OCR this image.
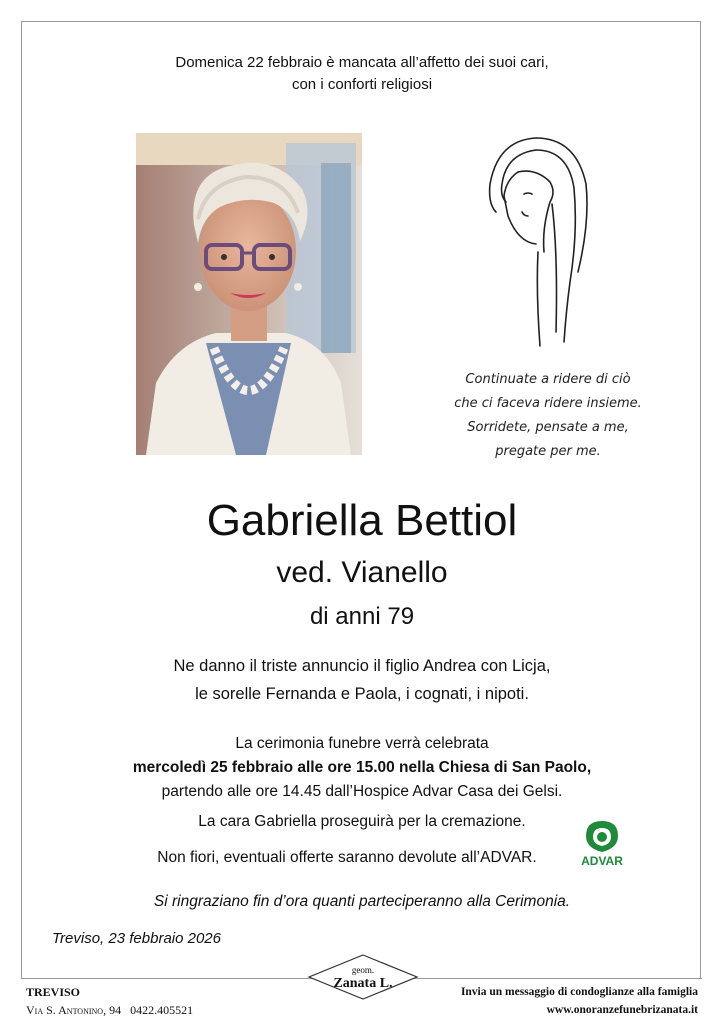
Domenica 22 febbraio è mancata all’affetto dei suoi cari,
con i conforti religiosi
Continuate a ridere di ciò
che ci faceva ridere insieme.
Sorridete, pensate a me,
pregate per me.
Gabriella Bettiol
ved. Vianello
di anni 79
Ne danno il triste annuncio il figlio Andrea con Licja,
le sorelle Fernanda e Paola, i cognati, i nipoti.
La cerimonia funebre verrà celebrata
mercoledì 25 febbraio alle ore 15.00 nella Chiesa di San Paolo,
partendo alle ore 14.45 dall’Hospice Advar Casa dei Gelsi.
La cara Gabriella proseguirà per la cremazione.
Non fiori, eventuali offerte saranno devolute all’ADVAR.	ADVAR
Si ringraziano fin d’ora quanti parteciperanno alla Cerimonia.
Treviso, 23 febbraio 2026
geom.
Zanata L.
TREVISO
Via S. Antonino, 94 0422.405521
Invia un messaggio di condoglianze alla famiglia
www.onoranzefunebrizanata.it
